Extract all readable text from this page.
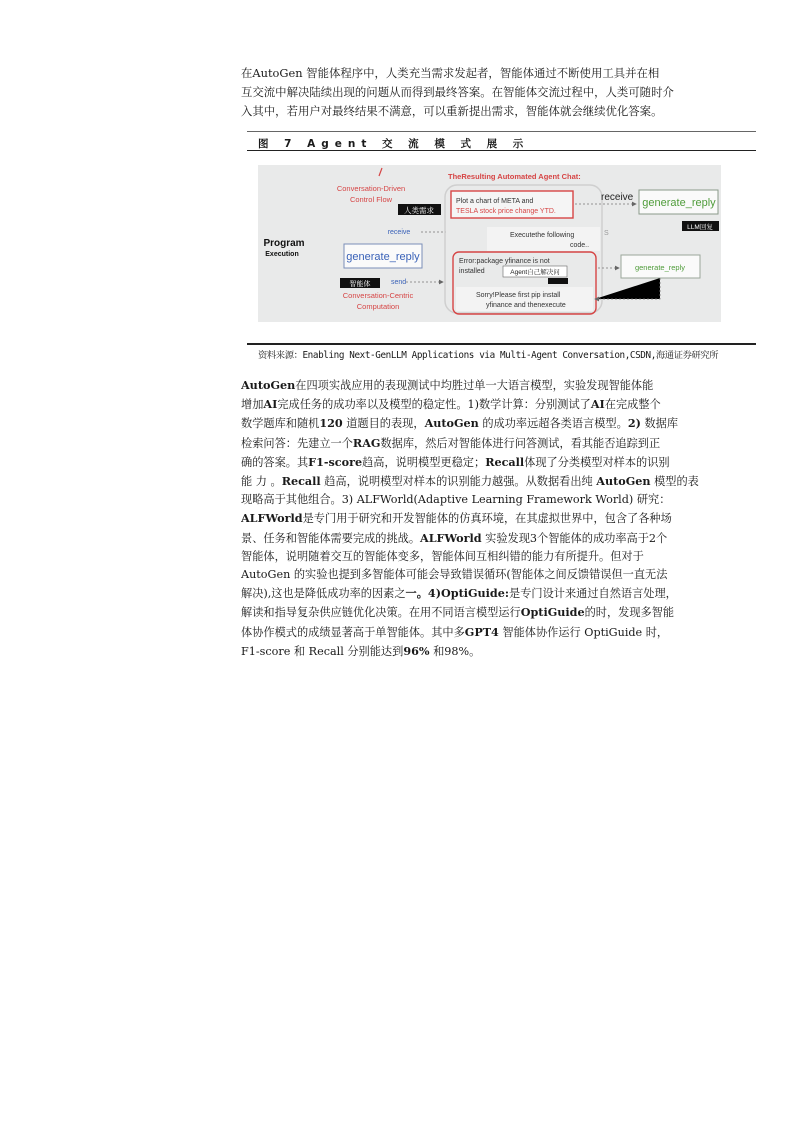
在AutoGen 智能体程序中，人类充当需求发起者，智能体通过不断使用工具并在相
互交流中解决陆续出现的问题从而得到最终答案。在智能体交流过程中，人类可随时介
入其中，若用户对最终结果不满意，可以重新提出需求，智能体就会继续优化答案。
图 7 Agent 交 流 模 式 展 示
TheResulting Automated Agent Chat:
Conversation-Driven
Control Flow
人类需求
Program
Execution
receive
generate_reply
智能体	send
Conversation-Centric
Computation
Plot a chart of META and
TESLA stock price change YTD.
receive generate_reply
LLM回复
Executethe following
code..
S
Error:package yfinance is not
installed	Agent自己解决问
Sorry!Please first pip install
yfinance and thenexecute
generate_reply
资料来源：Enabling Next-GenLLM Applications via Multi-Agent Conversation,CSDN,海通证券研究所
AutoGen在四项实战应用的表现测试中均胜过单一大语言模型，实验发现智能体能
增加AI完成任务的成功率以及模型的稳定性。1)数学计算：分别测试了AI在完成整个
数学题库和随机120 道题目的表现，AutoGen 的成功率远超各类语言模型。2) 数据库
检索问答：先建立一个RAG数据库，然后对智能体进行问答测试，看其能否追踪到正
确的答案。其F1-score趋高，说明模型更稳定；Recall体现了分类模型对样本的识别
能 力 。Recall 趋高，说明模型对样本的识别能力越强。从数据看出纯 AutoGen 模型的表
现略高于其他组合。3) ALFWorld(Adaptive Learning Framework World) 研究：
ALFWorld是专门用于研究和开发智能体的仿真环境，在其虚拟世界中，包含了各种场
景、任务和智能体需要完成的挑战。ALFWorld 实验发现3个智能体的成功率高于2个
智能体，说明随着交互的智能体变多，智能体间互相纠错的能力有所提升。但对于
AutoGen 的实验也提到多智能体可能会导致错误循环(智能体之间反馈错误但一直无法
解决),这也是降低成功率的因素之一。4)OptiGuide:是专门设计来通过自然语言处理，
解读和指导复杂供应链优化决策。在用不同语言模型运行OptiGuide的时，发现多智能
体协作模式的成绩显著高于单智能体。其中多GPT4 智能体协作运行 OptiGuide 时，
F1-score 和 Recall 分别能达到96% 和98%。
